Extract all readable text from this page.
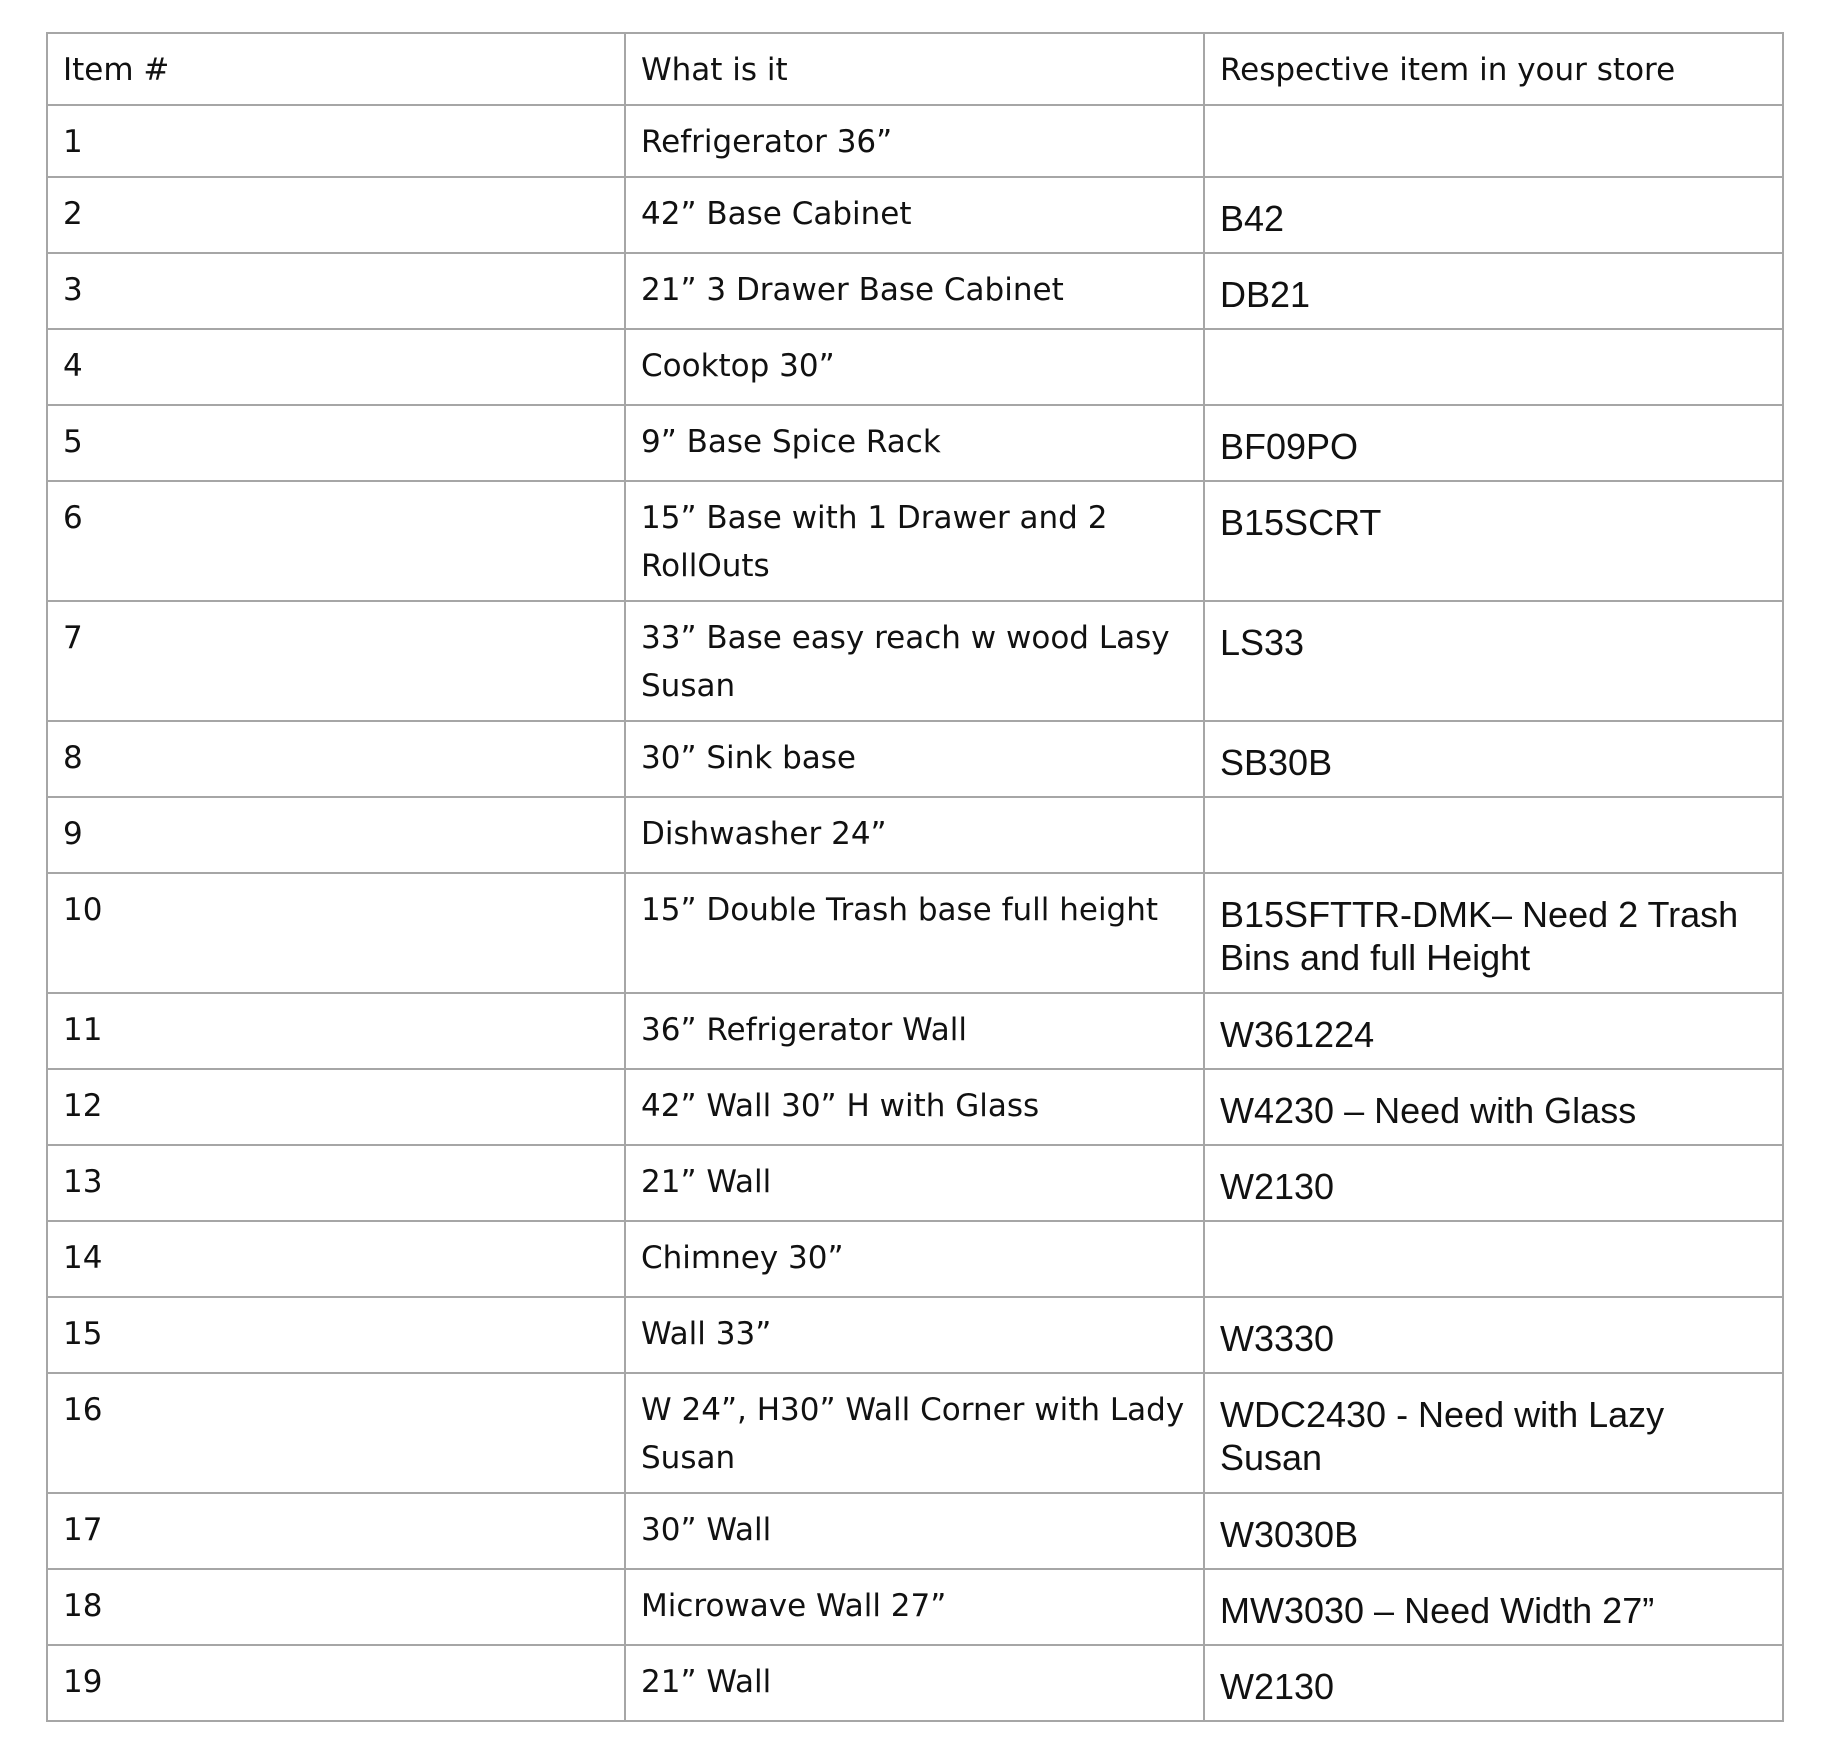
Item #	What is it	Respective item in your store

1	Refrigerator 36”	

2	42” Base Cabinet	B42

3	21” 3 Drawer Base Cabinet	DB21

4	Cooktop 30”	

5	9” Base Spice Rack	BF09PO

6	15” Base with 1 Drawer and 2 RollOuts	B15SCRT

7	33” Base easy reach w wood Lasy Susan	LS33

8	30” Sink base	SB30B

9	Dishwasher 24”	

10	15” Double Trash base full height	B15SFTTR-DMK– Need 2 Trash Bins and full Height

11	36” Refrigerator Wall	W361224

12	42” Wall 30” H with Glass	W4230 – Need with Glass

13	21” Wall	W2130

14	Chimney 30”	

15	Wall 33”	W3330

16	W 24”, H30” Wall Corner with Lady Susan	WDC2430 - Need with Lazy Susan

17	30” Wall	W3030B

18	Microwave Wall 27”	MW3030 – Need Width 27”

19	21” Wall	W2130
